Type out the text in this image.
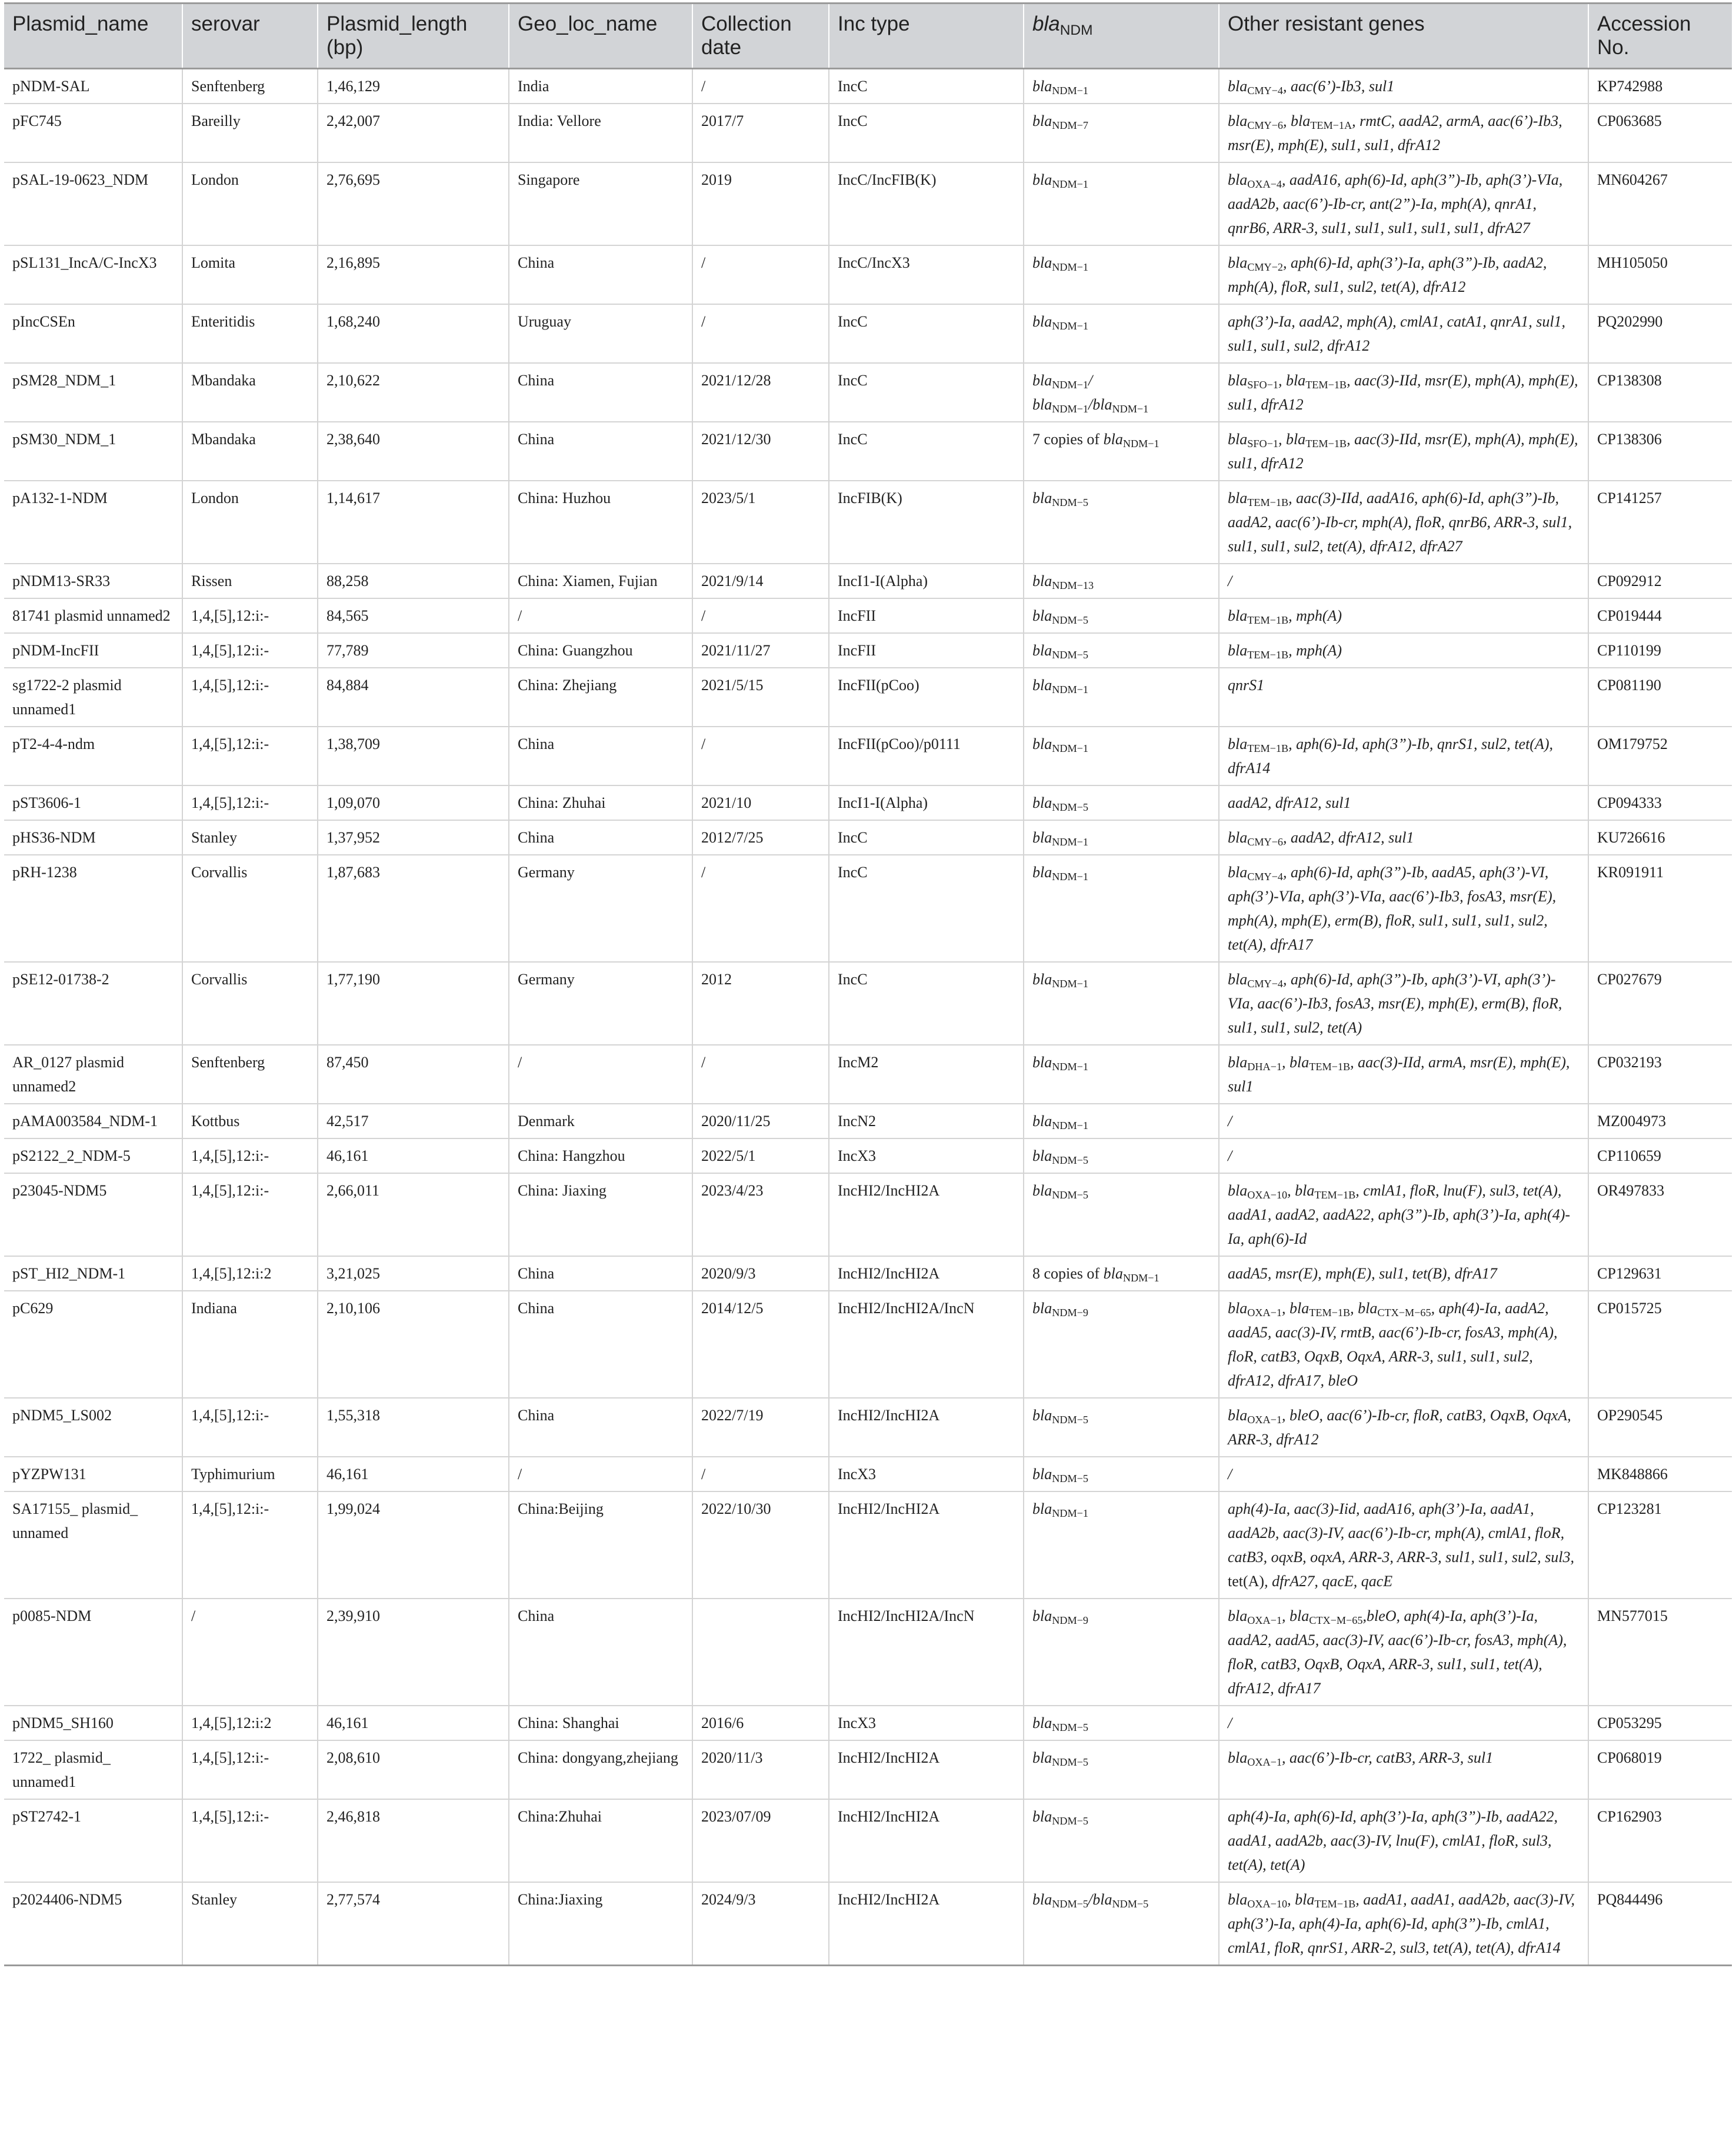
Plasmid_name	serovar	Plasmid_length (bp)	Geo_loc_name	Collection date	Inc type	bla$_{NDM}$	Other resistant genes	Accession No.
pNDM-SAL	Senftenberg	1,46,129	India	/	IncC	bla$_{NDM-1}$	bla$_{CMY-4}$, aac(6’)-Ib3, sul1	KP742988
pFC745	Bareilly	2,42,007	India: Vellore	2017/7	IncC	bla$_{NDM-7}$	bla$_{CMY-6}$, bla$_{TEM-1A}$, rmtC, aadA2, armA, aac(6’)-Ib3, msr(E), mph(E), sul1, sul1, dfrA12	CP063685
pSAL-19-0623_NDM	London	2,76,695	Singapore	2019	IncC/IncFIB(K)	bla$_{NDM-1}$	bla$_{OXA-4}$, aadA16, aph(6)-Id, aph(3”)-Ib, aph(3’)-VIa, aadA2b, aac(6’)-Ib-cr, ant(2”)-Ia, mph(A), qnrA1, qnrB6, ARR-3, sul1, sul1, sul1, sul1, sul1, dfrA27	MN604267
pSL131_IncA/C-IncX3	Lomita	2,16,895	China	/	IncC/IncX3	bla$_{NDM-1}$	bla$_{CMY-2}$, aph(6)-Id, aph(3’)-Ia, aph(3”)-Ib, aadA2, mph(A), floR, sul1, sul2, tet(A), dfrA12	MH105050
pIncCSEn	Enteritidis	1,68,240	Uruguay	/	IncC	bla$_{NDM-1}$	aph(3’)-Ia, aadA2, mph(A), cmlA1, catA1, qnrA1, sul1, sul1, sul1, sul2, dfrA12	PQ202990
pSM28_NDM_1	Mbandaka	2,10,622	China	2021/12/28	IncC	bla$_{NDM-1}$/ bla$_{NDM-1}$/bla$_{NDM-1}$	bla$_{SFO-1}$, bla$_{TEM-1B}$, aac(3)-IId, msr(E), mph(A), mph(E), sul1, dfrA12	CP138308
pSM30_NDM_1	Mbandaka	2,38,640	China	2021/12/30	IncC	7 copies of bla$_{NDM-1}$	bla$_{SFO-1}$, bla$_{TEM-1B}$, aac(3)-IId, msr(E), mph(A), mph(E), sul1, dfrA12	CP138306
pA132-1-NDM	London	1,14,617	China: Huzhou	2023/5/1	IncFIB(K)	bla$_{NDM-5}$	bla$_{TEM-1B}$, aac(3)-IId, aadA16, aph(6)-Id, aph(3”)-Ib, aadA2, aac(6’)-Ib-cr, mph(A), floR, qnrB6, ARR-3, sul1, sul1, sul1, sul2, tet(A), dfrA12, dfrA27	CP141257
pNDM13-SR33	Rissen	88,258	China: Xiamen, Fujian	2021/9/14	IncI1-I(Alpha)	bla$_{NDM-13}$	/	CP092912
81741 plasmid unnamed2	1,4,[5],12:i:-	84,565	/	/	IncFII	bla$_{NDM-5}$	bla$_{TEM-1B}$, mph(A)	CP019444
pNDM-IncFII	1,4,[5],12:i:-	77,789	China: Guangzhou	2021/11/27	IncFII	bla$_{NDM-5}$	bla$_{TEM-1B}$, mph(A)	CP110199
sg1722-2 plasmid unnamed1	1,4,[5],12:i:-	84,884	China: Zhejiang	2021/5/15	IncFII(pCoo)	bla$_{NDM-1}$	qnrS1	CP081190
pT2-4-4-ndm	1,4,[5],12:i:-	1,38,709	China	/	IncFII(pCoo)/p0111	bla$_{NDM-1}$	bla$_{TEM-1B}$, aph(6)-Id, aph(3”)-Ib, qnrS1, sul2, tet(A), dfrA14	OM179752
pST3606-1	1,4,[5],12:i:-	1,09,070	China: Zhuhai	2021/10	IncI1-I(Alpha)	bla$_{NDM-5}$	aadA2, dfrA12, sul1	CP094333
pHS36-NDM	Stanley	1,37,952	China	2012/7/25	IncC	bla$_{NDM-1}$	bla$_{CMY-6}$, aadA2, dfrA12, sul1	KU726616
pRH-1238	Corvallis	1,87,683	Germany	/	IncC	bla$_{NDM-1}$	bla$_{CMY-4}$, aph(6)-Id, aph(3”)-Ib, aadA5, aph(3’)-VI, aph(3’)-VIa, aph(3’)-VIa, aac(6’)-Ib3, fosA3, msr(E), mph(A), mph(E), erm(B), floR, sul1, sul1, sul1, sul2, tet(A), dfrA17	KR091911
pSE12-01738-2	Corvallis	1,77,190	Germany	2012	IncC	bla$_{NDM-1}$	bla$_{CMY-4}$, aph(6)-Id, aph(3”)-Ib, aph(3’)-VI, aph(3’)-VIa, aac(6’)-Ib3, fosA3, msr(E), mph(E), erm(B), floR, sul1, sul1, sul2, tet(A)	CP027679
AR_0127 plasmid unnamed2	Senftenberg	87,450	/	/	IncM2	bla$_{NDM-1}$	bla$_{DHA-1}$, bla$_{TEM-1B}$, aac(3)-IId, armA, msr(E), mph(E), sul1	CP032193
pAMA003584_NDM-1	Kottbus	42,517	Denmark	2020/11/25	IncN2	bla$_{NDM-1}$	/	MZ004973
pS2122_2_NDM-5	1,4,[5],12:i:-	46,161	China: Hangzhou	2022/5/1	IncX3	bla$_{NDM-5}$	/	CP110659
p23045-NDM5	1,4,[5],12:i:-	2,66,011	China: Jiaxing	2023/4/23	IncHI2/IncHI2A	bla$_{NDM-5}$	bla$_{OXA-10}$, bla$_{TEM-1B}$, cmlA1, floR, lnu(F), sul3, tet(A), aadA1, aadA2, aadA22, aph(3”)-Ib, aph(3’)-Ia, aph(4)-Ia, aph(6)-Id	OR497833
pST_HI2_NDM-1	1,4,[5],12:i:2	3,21,025	China	2020/9/3	IncHI2/IncHI2A	8 copies of bla$_{NDM-1}$	aadA5, msr(E), mph(E), sul1, tet(B), dfrA17	CP129631
pC629	Indiana	2,10,106	China	2014/12/5	IncHI2/IncHI2A/IncN	bla$_{NDM-9}$	bla$_{OXA-1}$, bla$_{TEM-1B}$, bla$_{CTX-M-65}$, aph(4)-Ia, aadA2, aadA5, aac(3)-IV, rmtB, aac(6’)-Ib-cr, fosA3, mph(A), floR, catB3, OqxB, OqxA, ARR-3, sul1, sul1, sul2, dfrA12, dfrA17, bleO	CP015725
pNDM5_LS002	1,4,[5],12:i:-	1,55,318	China	2022/7/19	IncHI2/IncHI2A	bla$_{NDM-5}$	bla$_{OXA-1}$, bleO, aac(6’)-Ib-cr, floR, catB3, OqxB, OqxA, ARR-3, dfrA12	OP290545
pYZPW131	Typhimurium	46,161	/	/	IncX3	bla$_{NDM-5}$	/	MK848866
SA17155_ plasmid_ unnamed	1,4,[5],12:i:-	1,99,024	China:Beijing	2022/10/30	IncHI2/IncHI2A	bla$_{NDM-1}$	aph(4)-Ia, aac(3)-Iid, aadA16, aph(3’)-Ia, aadA1, aadA2b, aac(3)-IV, aac(6’)-Ib-cr, mph(A), cmlA1, floR, catB3, oqxB, oqxA, ARR-3, ARR-3, sul1, sul1, sul2, sul3, tet(A), dfrA27, qacE, qacE	CP123281
p0085-NDM	/	2,39,910	China		IncHI2/IncHI2A/IncN	bla$_{NDM-9}$	bla$_{OXA-1}$, bla$_{CTX-M-65}$,bleO, aph(4)-Ia, aph(3’)-Ia, aadA2, aadA5, aac(3)-IV, aac(6’)-Ib-cr, fosA3, mph(A), floR, catB3, OqxB, OqxA, ARR-3, sul1, sul1, tet(A), dfrA12, dfrA17	MN577015
pNDM5_SH160	1,4,[5],12:i:2	46,161	China: Shanghai	2016/6	IncX3	bla$_{NDM-5}$	/	CP053295
1722_ plasmid_ unnamed1	1,4,[5],12:i:-	2,08,610	China: dongyang,zhejiang	2020/11/3	IncHI2/IncHI2A	bla$_{NDM-5}$	bla$_{OXA-1}$, aac(6’)-Ib-cr, catB3, ARR-3, sul1	CP068019
pST2742-1	1,4,[5],12:i:-	2,46,818	China:Zhuhai	2023/07/09	IncHI2/IncHI2A	bla$_{NDM-5}$	aph(4)-Ia, aph(6)-Id, aph(3’)-Ia, aph(3”)-Ib, aadA22, aadA1, aadA2b, aac(3)-IV, lnu(F), cmlA1, floR, sul3, tet(A), tet(A)	CP162903
p2024406-NDM5	Stanley	2,77,574	China:Jiaxing	2024/9/3	IncHI2/IncHI2A	bla$_{NDM-5}$/bla$_{NDM-5}$	bla$_{OXA-10}$, bla$_{TEM-1B}$, aadA1, aadA1, aadA2b, aac(3)-IV, aph(3’)-Ia, aph(4)-Ia, aph(6)-Id, aph(3”)-Ib, cmlA1, cmlA1, floR, qnrS1, ARR-2, sul3, tet(A), tet(A), dfrA14	PQ844496
